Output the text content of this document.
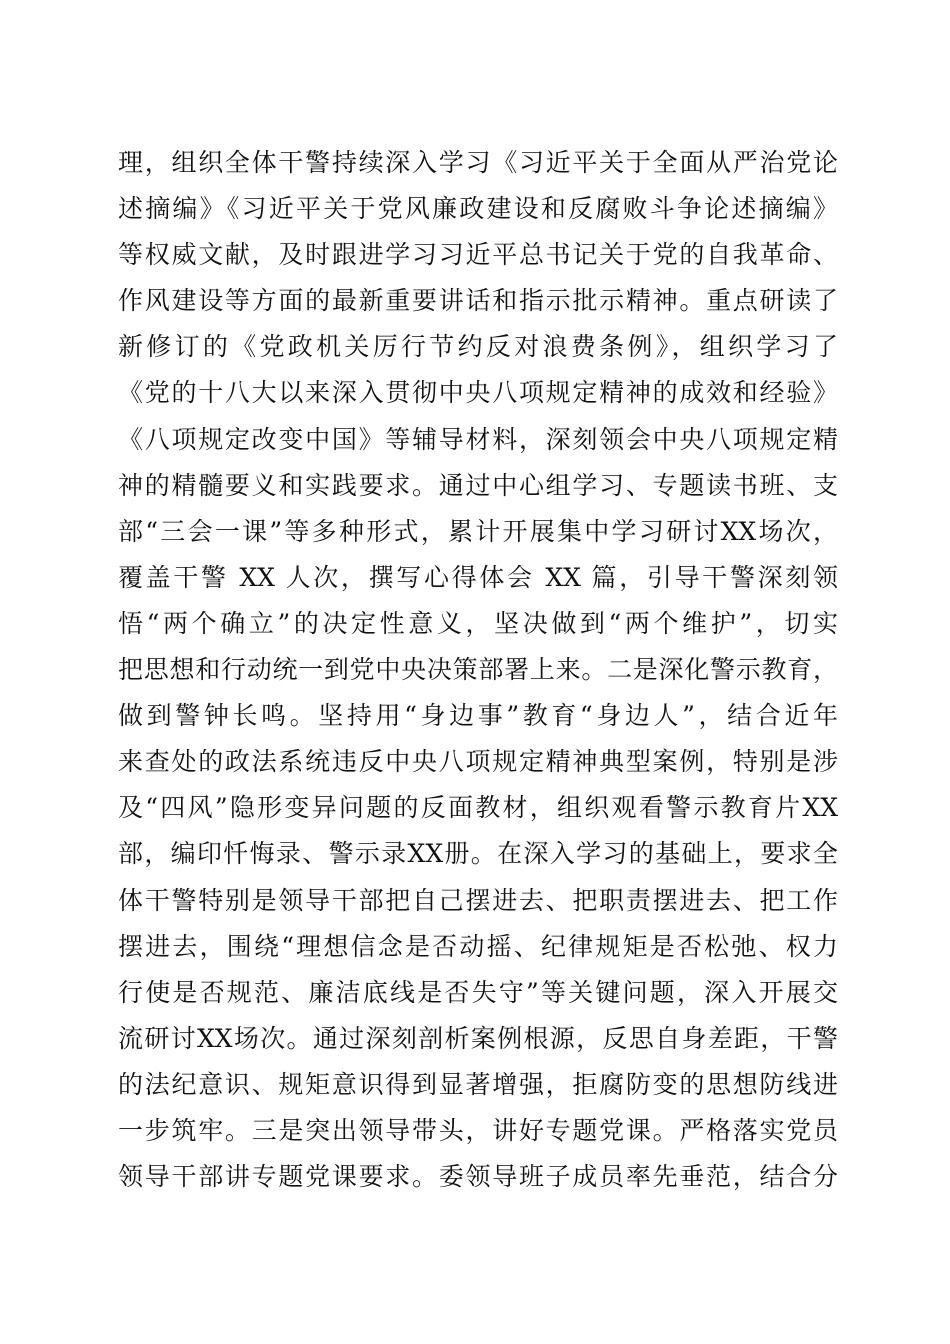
理，组织全体干警持续深入学习《习近平关于全面从严治党论
述摘编》《习近平关于党风廉政建设和反腐败斗争论述摘编》
等权威文献，及时跟进学习习近平总书记关于党的自我革命、
作风建设等方面的最新重要讲话和指示批示精神。重点研读了
新修订的《党政机关厉行节约反对浪费条例》，组织学习了
《党的十八大以来深入贯彻中央八项规定精神的成效和经验》
《八项规定改变中国》等辅导材料，深刻领会中央八项规定精
神的精髓要义和实践要求。通过中心组学习、专题读书班、支
部“三会一课”等多种形式，累计开展集中学习研讨XX场次，
覆盖干警 XX 人次，撰写心得体会 XX 篇，引导干警深刻领
悟“两个确立”的决定性意义，坚决做到“两个维护”，切实
把思想和行动统一到党中央决策部署上来。二是深化警示教育，
做到警钟长鸣。坚持用“身边事”教育“身边人”，结合近年
来查处的政法系统违反中央八项规定精神典型案例，特别是涉
及“四风”隐形变异问题的反面教材，组织观看警示教育片XX
部，编印忏悔录、警示录XX册。在深入学习的基础上，要求全
体干警特别是领导干部把自己摆进去、把职责摆进去、把工作
摆进去，围绕“理想信念是否动摇、纪律规矩是否松弛、权力
行使是否规范、廉洁底线是否失守”等关键问题，深入开展交
流研讨XX场次。通过深刻剖析案例根源，反思自身差距，干警
的法纪意识、规矩意识得到显著增强，拒腐防变的思想防线进
一步筑牢。三是突出领导带头，讲好专题党课。严格落实党员
领导干部讲专题党课要求。委领导班子成员率先垂范，结合分
